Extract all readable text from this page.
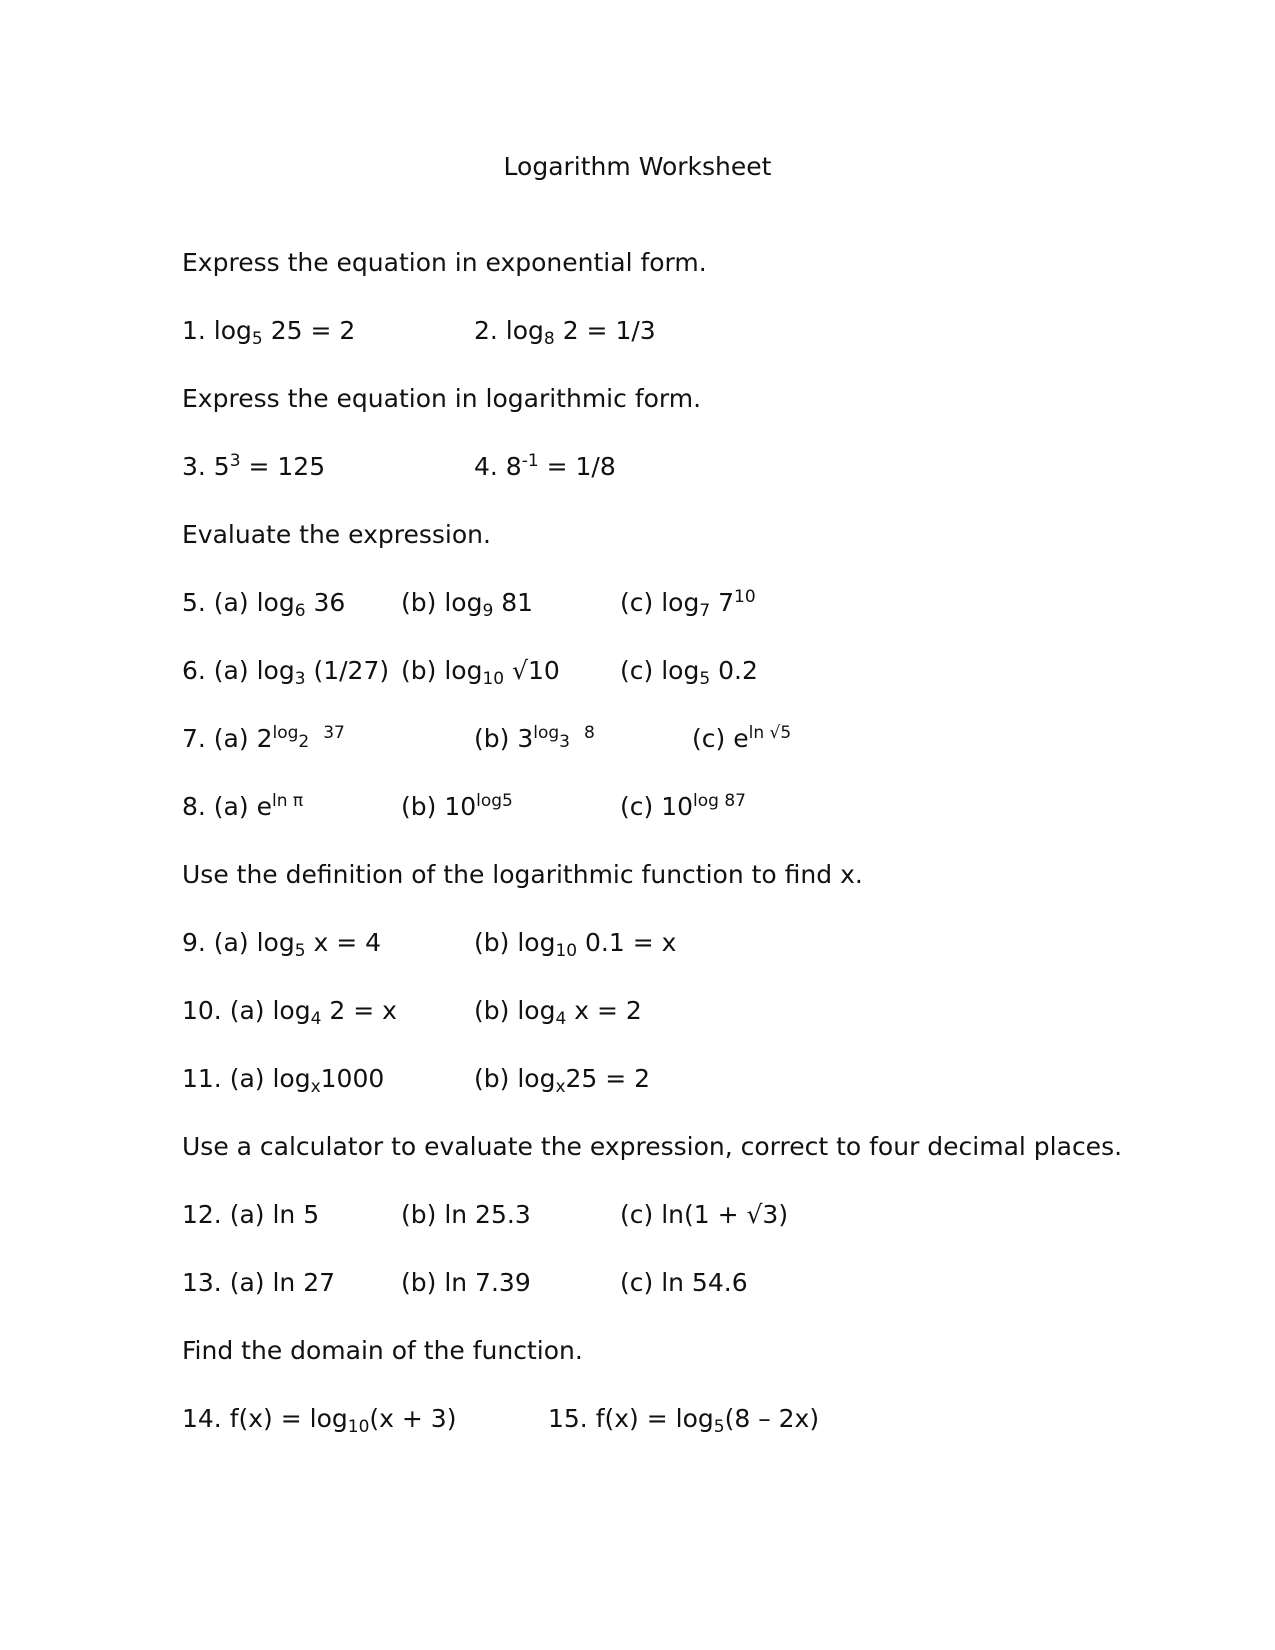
Logarithm Worksheet
Express the equation in exponential form.
1. log5 25 = 2	2. log8 2 = 1/3
Express the equation in logarithmic form.
3. $5^3 = 125$	4. $8^{-1} = 1/8$
Evaluate the expression.
5. (a) log6 36 (b) log9 81	(c) log7 $7^{10}$
6. (a) log3 (1/27) (b) log10 √10 (c) log5 0.2
7. (a) $2^{log}2$ $^{37}$	(b) $3^{log}3$ $^8$	(c) $e^{ln √5}$
8. (a) $e^{ln \pi}$	(b) $10^{log5}$	(c) $10^{log 87}$
Use the definition of the logarithmic function to find x.
9. (a) log5 x = 4	(b) log10 0.1 = x
10. (a) log4 2 = x	(b) log4 x = 2
11. (a) logx1000	(b) logx25 = 2
Use a calculator to evaluate the expression, correct to four decimal places.
12. (a) ln 5	(b) ln 25.3	(c) ln(1 + √3)
13. (a) ln 27	(b) ln 7.39	(c) ln 54.6
Find the domain of the function.
14. f(x) = log10(x + 3)	15. f(x) = log5(8 – 2x)
